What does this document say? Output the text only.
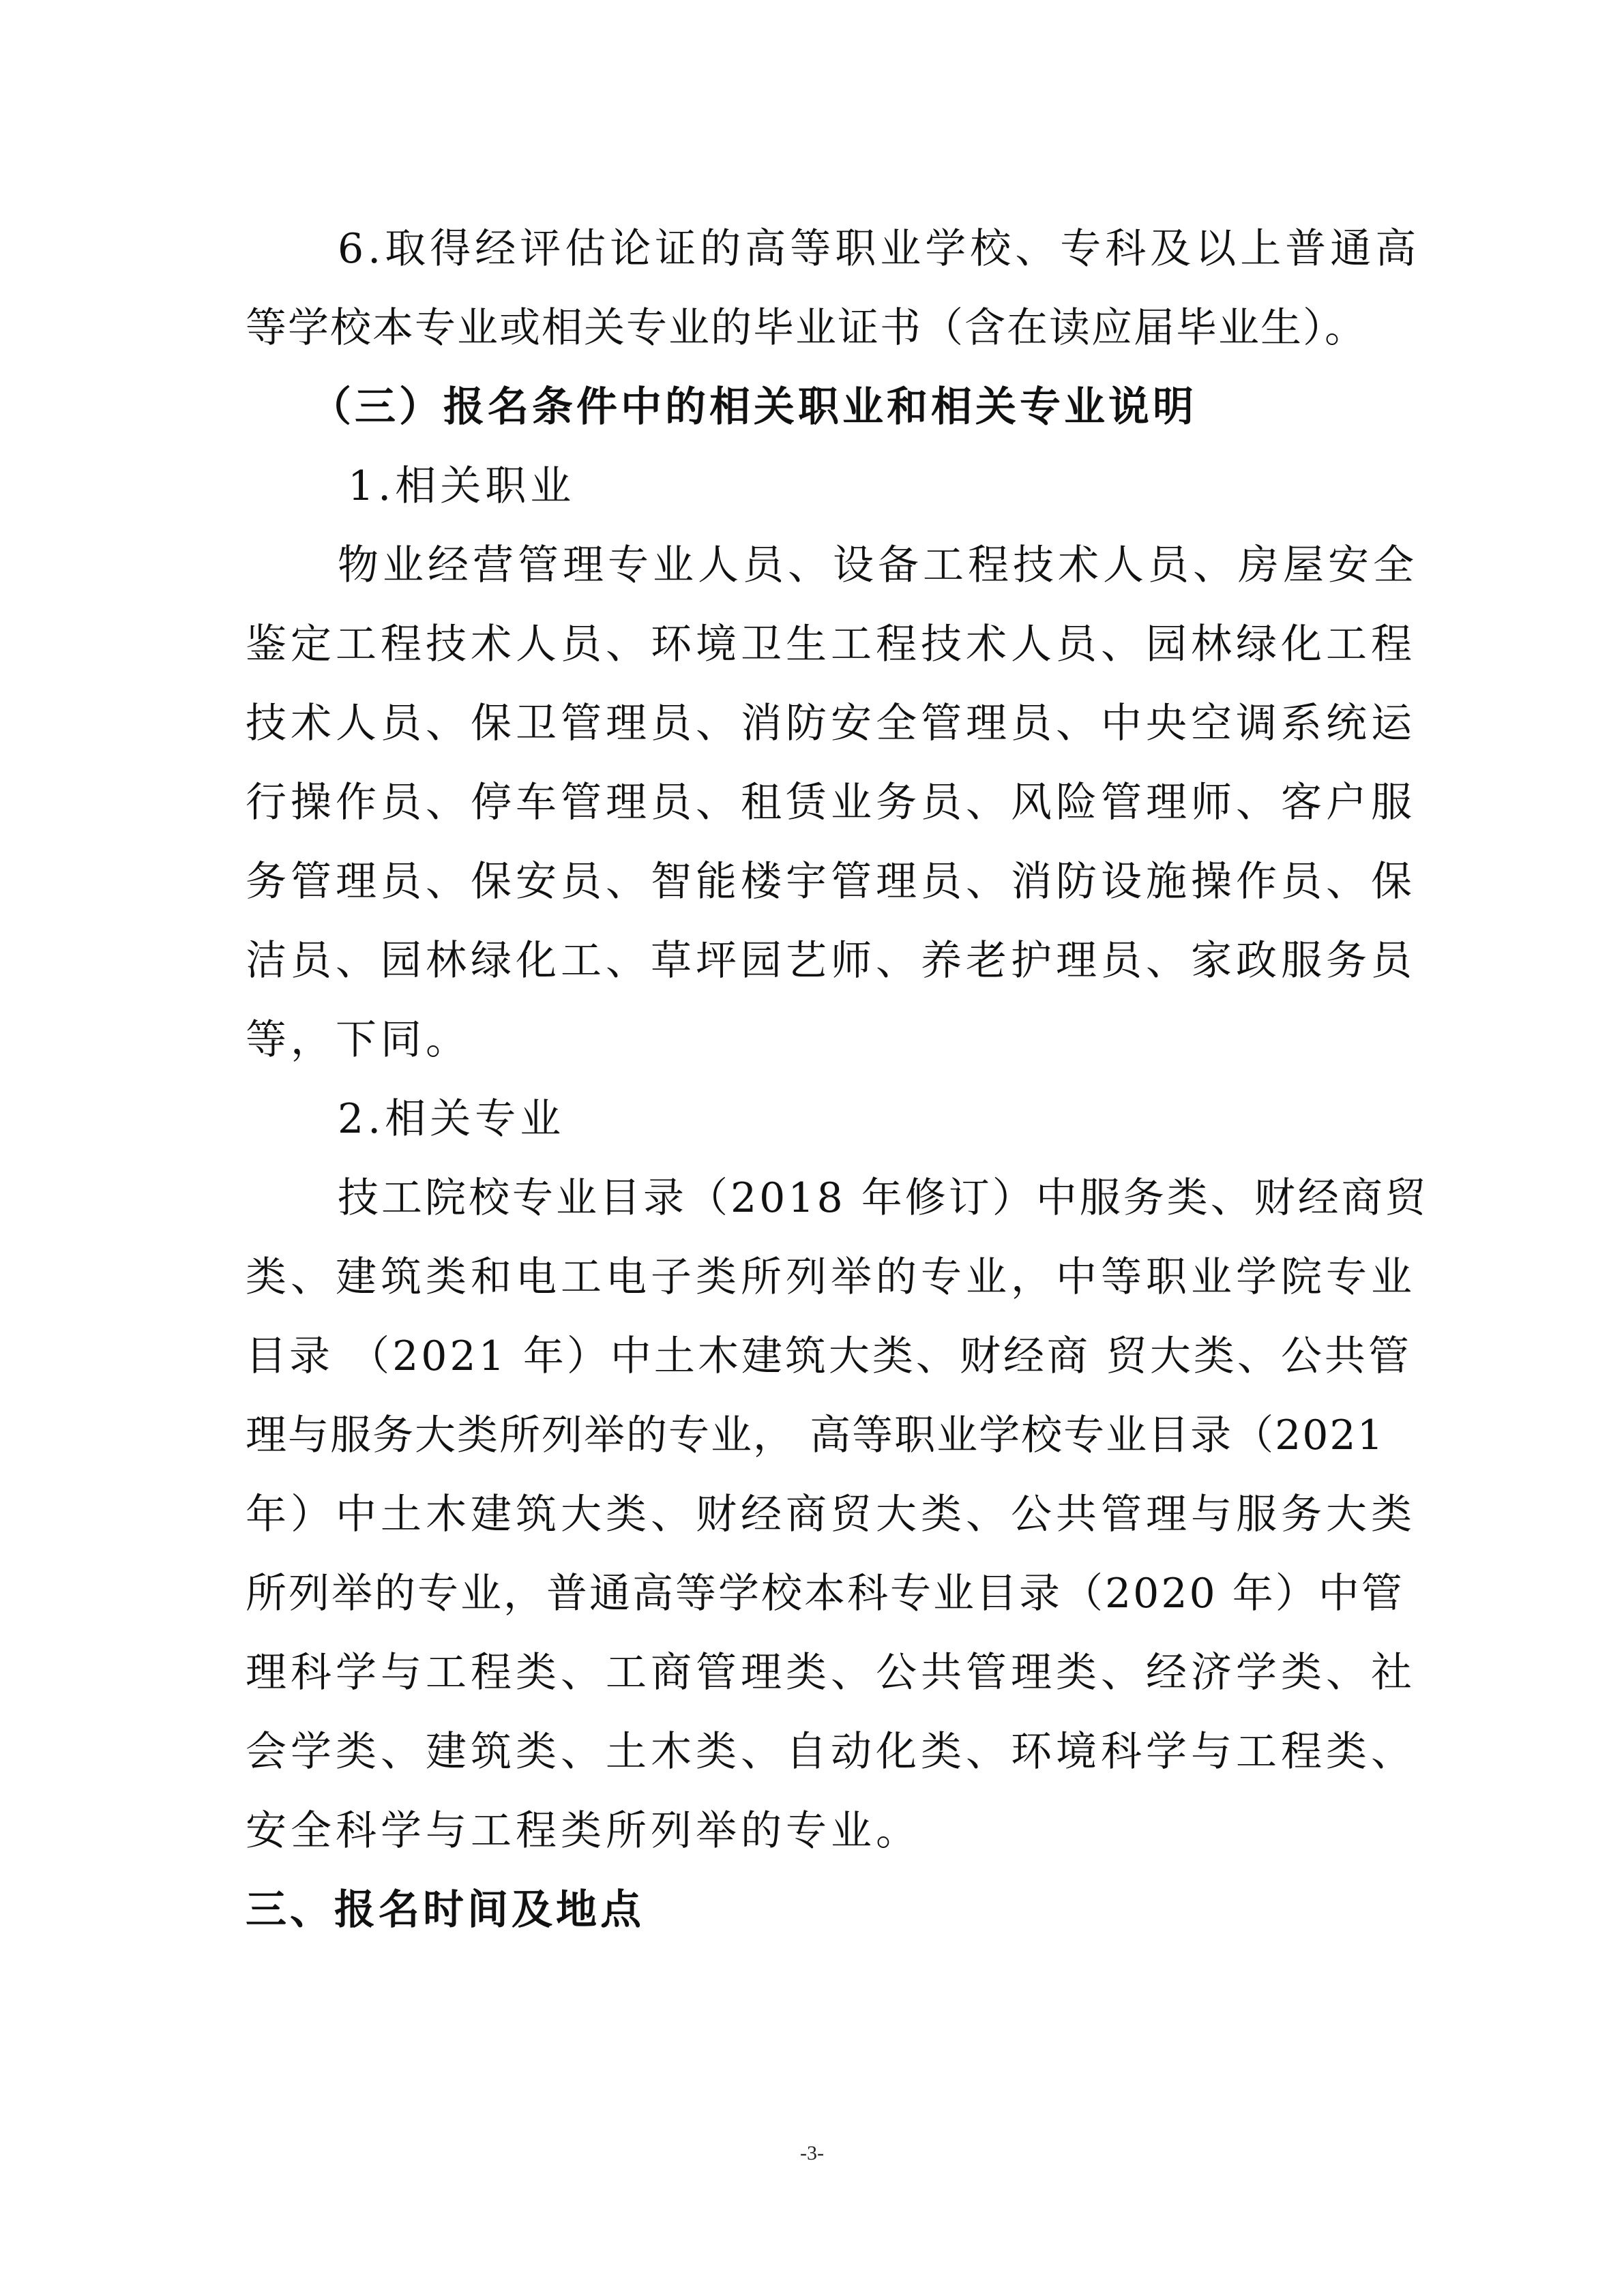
6.取得经评估论证的高等职业学校、专科及以上普通高
等学校本专业或相关专业的毕业证书（含在读应届毕业生）。
（三）报名条件中的相关职业和相关专业说明
1.相关职业
物业经营管理专业人员、设备工程技术人员、房屋安全
鉴定工程技术人员、环境卫生工程技术人员、园林绿化工程
技术人员、保卫管理员、消防安全管理员、中央空调系统运
行操作员、停车管理员、租赁业务员、风险管理师、客户服
务管理员、保安员、智能楼宇管理员、消防设施操作员、保
洁员、园林绿化工、草坪园艺师、养老护理员、家政服务员
等，下同。
2.相关专业
技工院校专业目录（2018 年修订）中服务类、财经商贸
类、建筑类和电工电子类所列举的专业，中等职业学院专业
目录 （2021 年）中土木建筑大类、财经商 贸大类、公共管
理与服务大类所列举的专业， 高等职业学校专业目录（2021
年）中土木建筑大类、财经商贸大类、公共管理与服务大类
所列举的专业，普通高等学校本科专业目录（2020 年）中管
理科学与工程类、工商管理类、公共管理类、经济学类、社
会学类、建筑类、土木类、自动化类、环境科学与工程类、
安全科学与工程类所列举的专业。
三、报名时间及地点
-3-
